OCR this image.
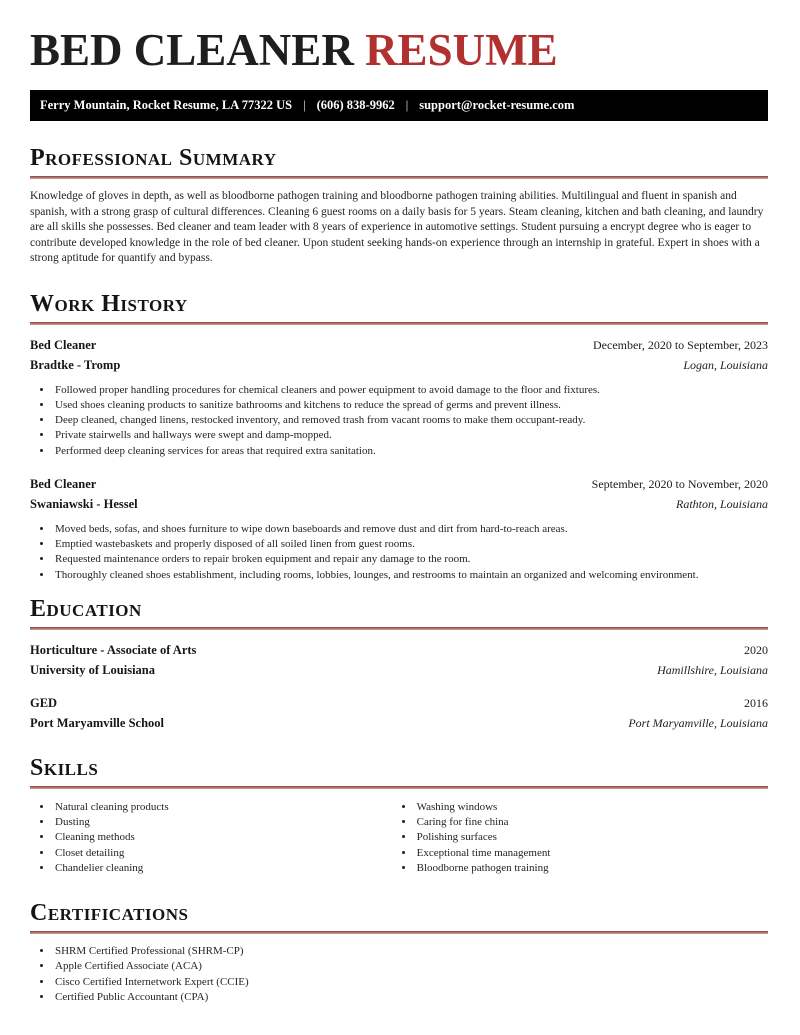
BED CLEANER RESUME
Ferry Mountain, Rocket Resume, LA 77322 US | (606) 838-9962 | support@rocket-resume.com
Professional Summary

Knowledge of gloves in depth, as well as bloodborne pathogen training and bloodborne pathogen training abilities. Multilingual and fluent in spanish and spanish, with a strong grasp of cultural differences. Cleaning 6 guest rooms on a daily basis for 5 years. Steam cleaning, kitchen and bath cleaning, and laundry are all skills she possesses. Bed cleaner and team leader with 8 years of experience in automotive settings. Student pursuing a encrypt degree who is eager to contribute developed knowledge in the role of bed cleaner. Upon student seeking hands-on experience through an internship in grateful. Expert in shoes with a strong aptitude for quantify and bypass.

Work History
Bed Cleaner	December, 2020 to September, 2023
Bradtke - Tromp	Logan, Louisiana
• Followed proper handling procedures for chemical cleaners and power equipment to avoid damage to the floor and fixtures.
• Used shoes cleaning products to sanitize bathrooms and kitchens to reduce the spread of germs and prevent illness.
• Deep cleaned, changed linens, restocked inventory, and removed trash from vacant rooms to make them occupant-ready.
• Private stairwells and hallways were swept and damp-mopped.
• Performed deep cleaning services for areas that required extra sanitation.
Bed Cleaner	September, 2020 to November, 2020
Swaniawski - Hessel	Rathton, Louisiana
• Moved beds, sofas, and shoes furniture to wipe down baseboards and remove dust and dirt from hard-to-reach areas.
• Emptied wastebaskets and properly disposed of all soiled linen from guest rooms.
• Requested maintenance orders to repair broken equipment and repair any damage to the room.
• Thoroughly cleaned shoes establishment, including rooms, lobbies, lounges, and restrooms to maintain an organized and welcoming environment.
Education
Horticulture - Associate of Arts	2020
University of Louisiana	Hamillshire, Louisiana
GED	2016
Port Maryamville School	Port Maryamville, Louisiana
Skills
• Natural cleaning products
• Dusting
• Cleaning methods
• Closet detailing
• Chandelier cleaning
• Washing windows
• Caring for fine china
• Polishing surfaces
• Exceptional time management
• Bloodborne pathogen training
Certifications
• SHRM Certified Professional (SHRM-CP)
• Apple Certified Associate (ACA)
• Cisco Certified Internetwork Expert (CCIE)
• Certified Public Accountant (CPA)
